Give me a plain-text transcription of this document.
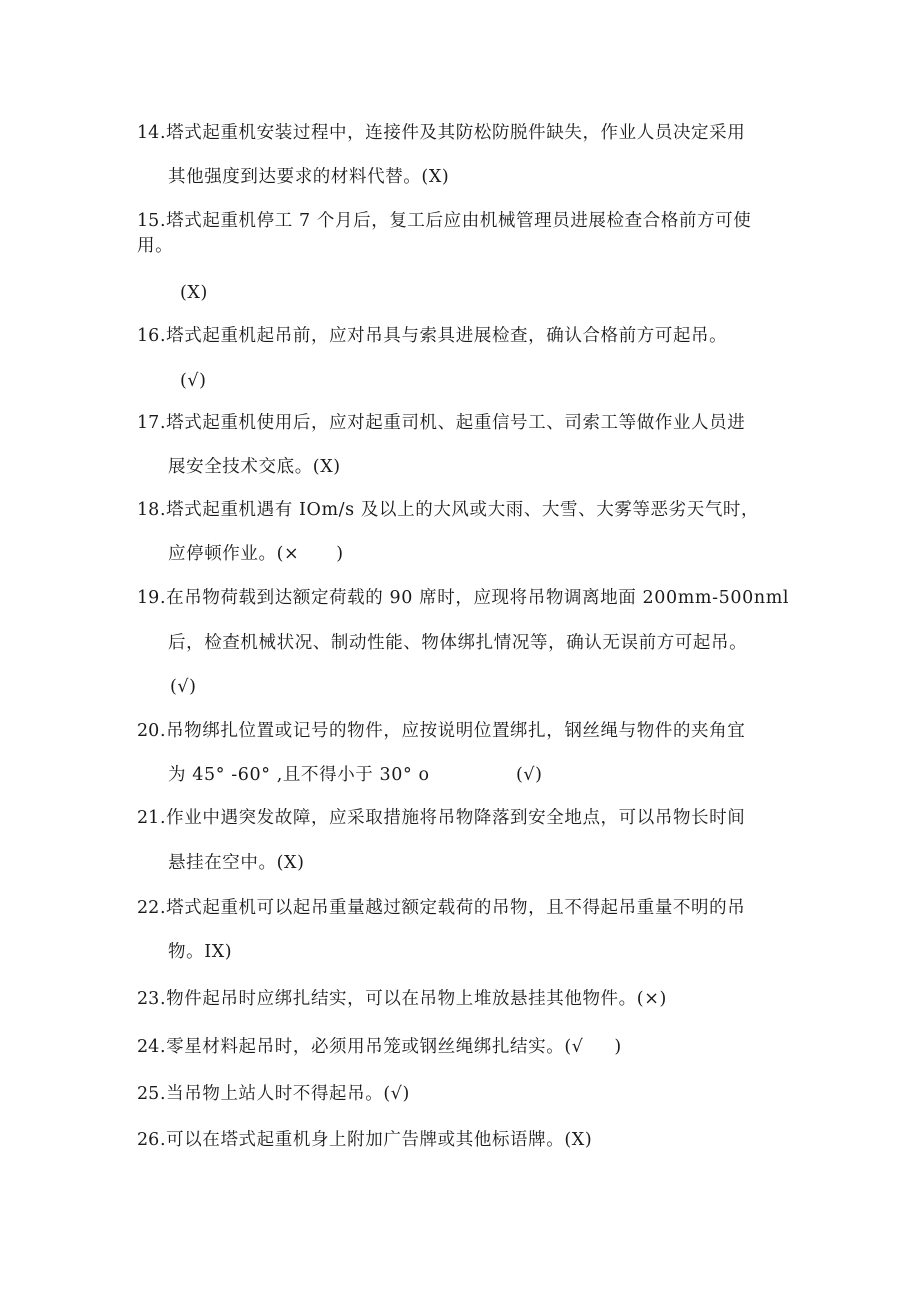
14 .塔式起重机安装过程中，连接件及其防松防脱件缺失，作业人员决定采用
其他强度到达要求的材料代替。(X)
15 .塔式起重机停工 7 个月后，复工后应由机械管理员进展检查合格前方可使
用。
(X)
16 .塔式起重机起吊前，应对吊具与索具进展检查，确认合格前方可起吊。
(√)
17 .塔式起重机使用后，应对起重司机、起重信号工、司索工等做作业人员进
展安全技术交底。(X)
18 .塔式起重机遇有 IOm/s 及以上的大风或大雨、大雪、大雾等恶劣天气时，
应停顿作业。(×      )
19 .在吊物荷载到达额定荷载的 90 席时，应现将吊物调离地面 200mm-500nml
后，检查机械状况、制动性能、物体绑扎情况等，确认无误前方可起吊。
(√)
20 .吊物绑扎位置或记号的物件，应按说明位置绑扎，钢丝绳与物件的夹角宜
为 45° -60° ,且不得小于 30° o              (√)
21 .作业中遇突发故障，应采取措施将吊物降落到安全地点，可以吊物长时间
悬挂在空中。(X)
22 .塔式起重机可以起吊重量越过额定载荷的吊物，且不得起吊重量不明的吊
物。IX)
23 .物件起吊时应绑扎结实，可以在吊物上堆放悬挂其他物件。(×)
24 .零星材料起吊时，必须用吊笼或钢丝绳绑扎结实。(√     )
25 .当吊物上站人时不得起吊。(√)
26 .可以在塔式起重机身上附加广告牌或其他标语牌。(X)
